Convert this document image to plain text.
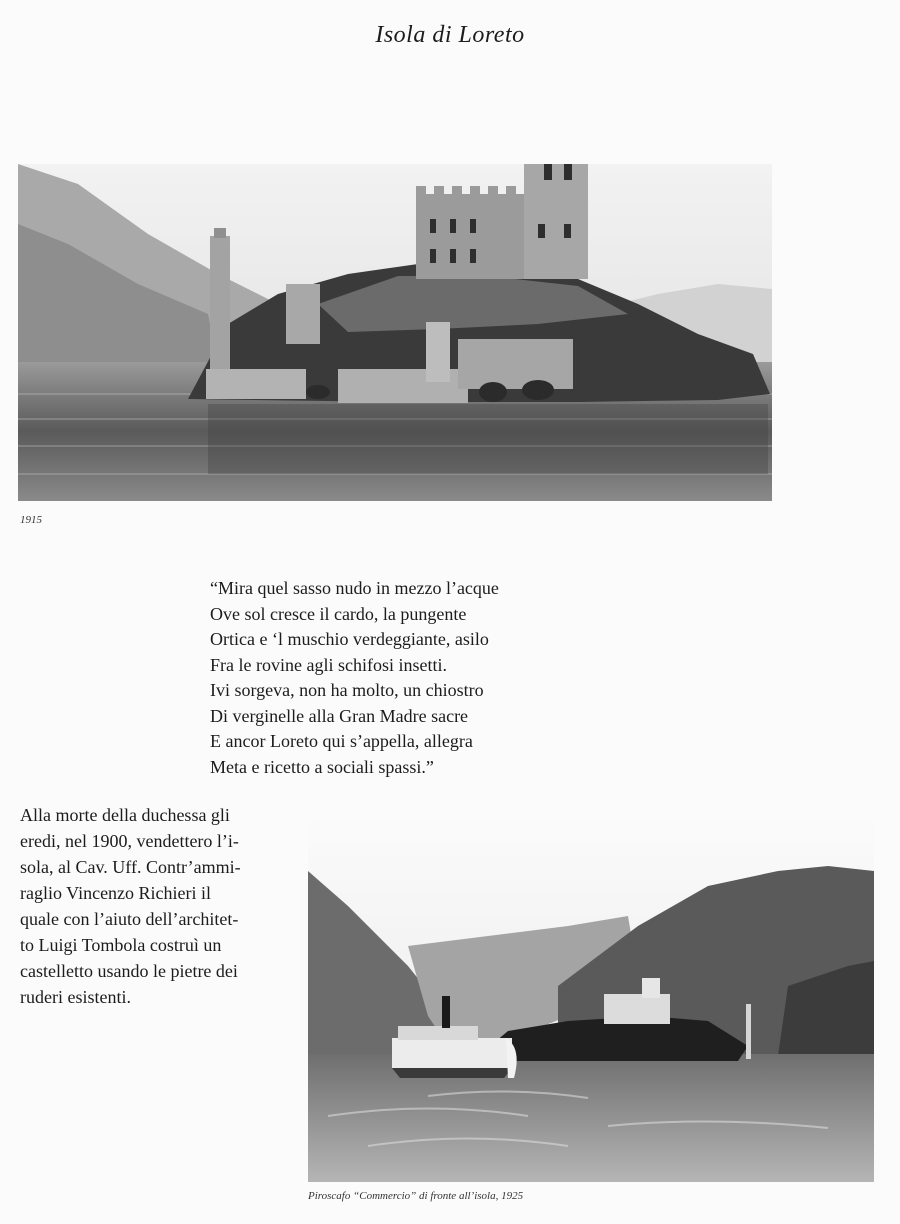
Isola di Loreto
1915
“Mira quel sasso nudo in mezzo l’acque
Ove sol cresce il cardo, la pungente
Ortica e ‘l muschio verdeggiante, asilo
Fra le rovine agli schifosi insetti.
Ivi sorgeva, non ha molto, un chiostro
Di verginelle alla Gran Madre sacre
E ancor Loreto qui s’appella, allegra
Meta e ricetto a sociali spassi.”
Alla morte della duchessa gli
eredi, nel 1900, vendettero l’i-
sola, al Cav. Uff. Contr’ammi-
raglio Vincenzo Richieri il
quale con l’aiuto dell’architet-
to Luigi Tombola costruì un
castelletto usando le pietre dei
ruderi esistenti.
Piroscafo “Commercio” di fronte all’isola, 1925
